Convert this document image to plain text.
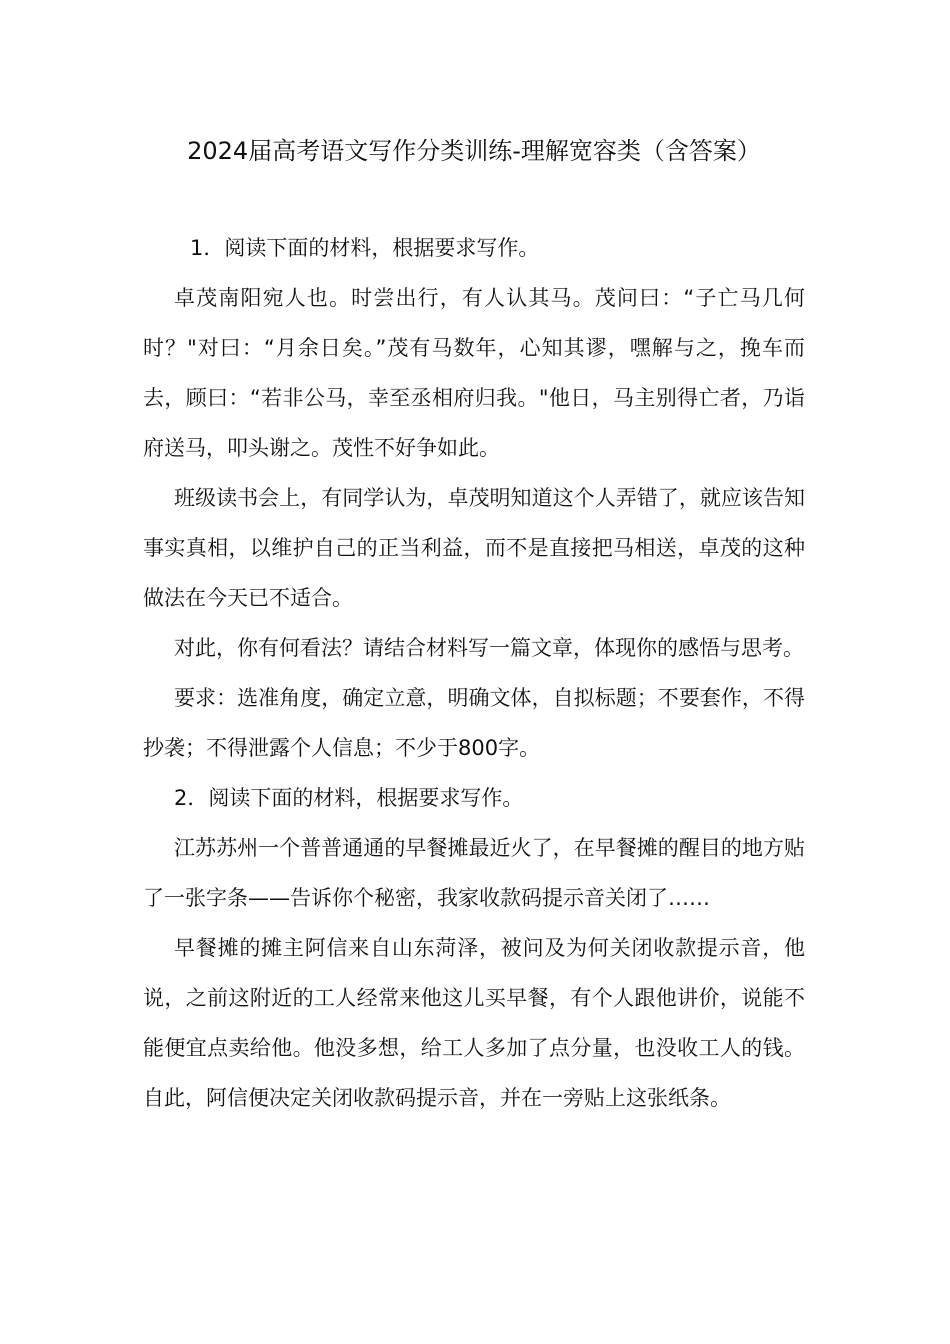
2024届高考语文写作分类训练-理解宽容类（含答案）

1．阅读下面的材料，根据要求写作。

卓茂南阳宛人也。时尝出行，有人认其马。茂问曰：“子亡马几何时？"对曰：“月余日矣。”茂有马数年，心知其谬，嘿解与之，挽车而去，顾曰：“若非公马，幸至丞相府归我。"他日，马主别得亡者，乃诣府送马，叩头谢之。茂性不好争如此。

班级读书会上，有同学认为，卓茂明知道这个人弄错了，就应该告知事实真相，以维护自己的正当利益，而不是直接把马相送，卓茂的这种做法在今天已不适合。

对此，你有何看法？请结合材料写一篇文章，体现你的感悟与思考。

要求：选准角度，确定立意，明确文体，自拟标题；不要套作，不得抄袭；不得泄露个人信息；不少于800字。

2．阅读下面的材料，根据要求写作。

江苏苏州一个普普通通的早餐摊最近火了，在早餐摊的醒目的地方贴了一张字条——告诉你个秘密，我家收款码提示音关闭了……

早餐摊的摊主阿信来自山东菏泽，被问及为何关闭收款提示音，他说，之前这附近的工人经常来他这儿买早餐，有个人跟他讲价，说能不能便宜点卖给他。他没多想，给工人多加了点分量，也没收工人的钱。自此，阿信便决定关闭收款码提示音，并在一旁贴上这张纸条。
